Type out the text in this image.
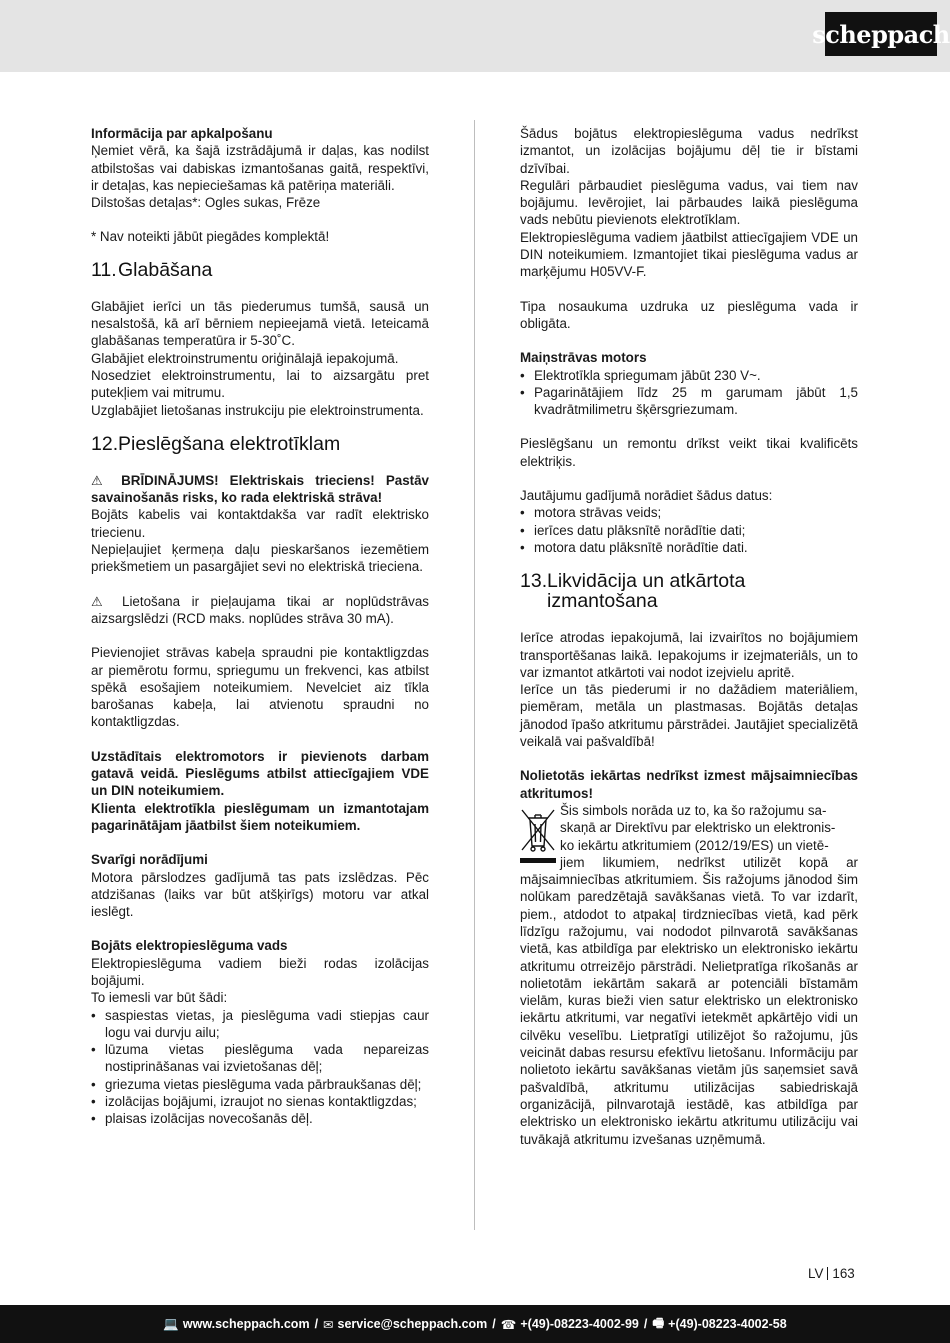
scheppach

Informācija par apkalpošanu

Ņemiet vērā, ka šajā izstrādājumā ir daļas, kas nodilst atbilstošas vai dabiskas izmantošanas gaitā, respektīvi, ir detaļas, kas nepieciešamas kā patēriņa materiāli.

Dilstošas detaļas*: Ogles sukas, Frēze

* Nav noteikti jābūt piegādes komplektā!

11. Glabāšana

Glabājiet ierīci un tās piederumus tumšā, sausā un nesalstošā, kā arī bērniem nepieejamā vietā. Ieteicamā glabāšanas temperatūra ir 5-30˚C.

Glabājiet elektroinstrumentu oriģinālajā iepakojumā.

Nosedziet elektroinstrumentu, lai to aizsargātu pret putekļiem vai mitrumu.

Uzglabājiet lietošanas instrukciju pie elektroinstrumenta.

12. Pieslēgšana elektrotīklam

⚠ BRĪDINĀJUMS! Elektriskais trieciens! Pastāv savainošanās risks, ko rada elektriskā strāva!

Bojāts kabelis vai kontaktdakša var radīt elektrisko triecienu.

Nepieļaujiet ķermeņa daļu pieskaršanos iezemētiem priekšmetiem un pasargājiet sevi no elektriskā trieciena.

⚠ Lietošana ir pieļaujama tikai ar noplūdstrāvas aizsargslēdzi (RCD maks. noplūdes strāva 30 mA).

Pievienojiet strāvas kabeļa spraudni pie kontaktligzdas ar piemērotu formu, spriegumu un frekvenci, kas atbilst spēkā esošajiem noteikumiem. Nevelciet aiz tīkla barošanas kabeļa, lai atvienotu spraudni no kontaktligzdas.

Uzstādītais elektromotors ir pievienots darbam gatavā veidā. Pieslēgums atbilst attiecīgajiem VDE un DIN noteikumiem.

Klienta elektrotīkla pieslēgumam un izmantotajam pagarinātājam jāatbilst šiem noteikumiem.

Svarīgi norādījumi

Motora pārslodzes gadījumā tas pats izslēdzas. Pēc atdzišanas (laiks var būt atšķirīgs) motoru var atkal ieslēgt.

Bojāts elektropieslēguma vads

Elektropieslēguma vadiem bieži rodas izolācijas bojājumi.

To iemesli var būt šādi:

• saspiestas vietas, ja pieslēguma vadi stiepjas caur logu vai durvju ailu;
• lūzuma vietas pieslēguma vada nepareizas nostiprināšanas vai izvietošanas dēļ;
• griezuma vietas pieslēguma vada pārbraukšanas dēļ;
• izolācijas bojājumi, izraujot no sienas kontaktligzdas;
• plaisas izolācijas novecošanās dēļ.

Šādus bojātus elektropieslēguma vadus nedrīkst izmantot, un izolācijas bojājumu dēļ tie ir bīstami dzīvībai.

Regulāri pārbaudiet pieslēguma vadus, vai tiem nav bojājumu. Ievērojiet, lai pārbaudes laikā pieslēguma vads nebūtu pievienots elektrotīklam.

Elektropieslēguma vadiem jāatbilst attiecīgajiem VDE un DIN noteikumiem. Izmantojiet tikai pieslēguma vadus ar marķējumu H05VV-F.

Tipa nosaukuma uzdruka uz pieslēguma vada ir obligāta.

Maiņstrāvas motors

• Elektrotīkla spriegumam jābūt 230 V~.
• Pagarinātājiem līdz 25 m garumam jābūt 1,5 kvadrātmilimetru šķērsgriezumam.

Pieslēgšanu un remontu drīkst veikt tikai kvalificēts elektriķis.

Jautājumu gadījumā norādiet šādus datus:

• motora strāvas veids;
• ierīces datu plāksnītē norādītie dati;
• motora datu plāksnītē norādītie dati.
13. Likvidācija un atkārtota
izmantošana

Ierīce atrodas iepakojumā, lai izvairītos no bojājumiem transportēšanas laikā. Iepakojums ir izejmateriāls, un to var izmantot atkārtoti vai nodot izejvielu apritē.

Ierīce un tās piederumi ir no dažādiem materiāliem, piemēram, metāla un plastmasas. Bojātās detaļas jānodod īpašo atkritumu pārstrādei. Jautājiet specializētā veikalā vai pašvaldībā!

Nolietotās iekārtas nedrīkst izmest mājsaimniecības atkritumos!

Šis simbols norāda uz to, ka šo ražojumu sa-

skaņā ar Direktīvu par elektrisko un elektronis-

ko iekārtu atkritumiem (2012/19/ES) un vietē-

jiem likumiem, nedrīkst utilizēt kopā ar

mājsaimniecības atkritumiem. Šis ražojums jānodod šim nolūkam paredzētajā savākšanas vietā. To var izdarīt, piem., atdodot to atpakaļ tirdzniecības vietā, kad pērk līdzīgu ražojumu, vai nododot pilnvarotā savākšanas vietā, kas atbildīga par elektrisko un elektronisko iekārtu atkritumu otrreizējo pārstrādi. Nelietpratīga rīkošanās ar nolietotām iekārtām sakarā ar potenciāli bīstamām vielām, kuras bieži vien satur elektrisko un elektronisko iekārtu atkritumi, var negatīvi ietekmēt apkārtējo vidi un cilvēku veselību. Lietpratīgi utilizējot šo ražojumu, jūs veicināt dabas resursu efektīvu lietošanu. Informāciju par nolietoto iekārtu savākšanas vietām jūs saņemsiet savā pašvaldībā, atkritumu utilizācijas sabiedriskajā organizācijā, pilnvarotajā iestādē, kas atbildīga par elektrisko un elektronisko iekārtu atkritumu utilizāciju vai tuvākajā atkritumu izvešanas uzņēmumā.

LV 163
💻 www.scheppach.com / ✉ service@scheppach.com / ☎ +(49)-08223-4002-99 / 🖷 +(49)-08223-4002-58
